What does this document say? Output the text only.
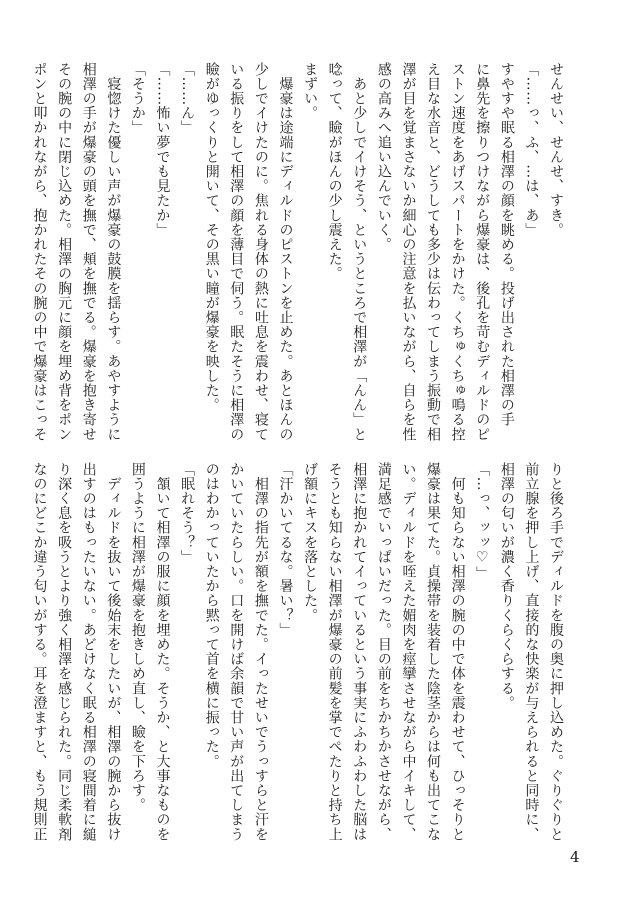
せんせい、せんせ、すき。
「……っ、ふ、…は、あ」
すやすや眠る相澤の顔を眺める。投げ出された相澤の手
に鼻先を擦りつけながら爆豪は、後孔を苛むディルドのピ
ストン速度をあげスパートをかけた。くちゅくちゅ鳴る控
え目な水音と、どうしても多少は伝わってしまう振動で相
澤が目を覚まさないか細心の注意を払いながら、自らを性
感の高みへ追い込んでいく。
　あと少しでイけそう、というところで相澤が「んん」と
唸って、瞼がほんの少し震えた。
まずい。
　爆豪は途端にディルドのピストンを止めた。あとほんの
少しでイけたのに。焦れる身体の熱に吐息を震わせ、寝て
いる振りをして相澤の顔を薄目で伺う。眠たそうに相澤の
瞼がゆっくりと開いて、その黒い瞳が爆豪を映した。
「……ん」
「……怖い夢でも見たか」
「そうか」
　寝惚けた優しい声が爆豪の鼓膜を揺らす。あやすように
相澤の手が爆豪の頭を撫で、頬を撫でる。爆豪を抱き寄せ
その腕の中に閉じ込めた。相澤の胸元に顔を埋め背をポン
ポンと叩かれながら、抱かれたその腕の中で爆豪はこっそ
りと後ろ手でディルドを腹の奥に押し込めた。ぐりぐりと
前立腺を押し上げ、直接的な快楽が与えられると同時に、
相澤の匂いが濃く香りくらくらする。
「…っ、ッッ♡」
　何も知らない相澤の腕の中で体を震わせて、ひっそりと
爆豪は果てた。貞操帯を装着した陰茎からは何も出てこな
い。ディルドを咥えた媚肉を痙攣させながら中イキして、
満足感でいっぱいだった。目の前をちかちかさせながら、
相澤に抱かれてイっているという事実にふわふわした脳は
そうとも知らない相澤が爆豪の前髪を掌でぺたりと持ち上
げ額にキスを落とした。
「汗かいてるな。暑い？」
　相澤の指先が額を撫でた。イったせいでうっすらと汗を
かいていたらしい。口を開けば余韻で甘い声が出てしまう
のはわかっていたから黙って首を横に振った。
「眠れそう？」
　頷いて相澤の服に顔を埋めた。そうか、と大事なものを
囲うように相澤が爆豪を抱きしめ直し、瞼を下ろす。
　ディルドを抜いて後始末をしたいが、相澤の腕から抜け
出すのはもったいない。あどけなく眠る相澤の寝間着に縋
り深く息を吸うとより強く相澤を感じられた。同じ柔軟剤
なのにどこか違う匂いがする。耳を澄ますと、もう規則正
4
